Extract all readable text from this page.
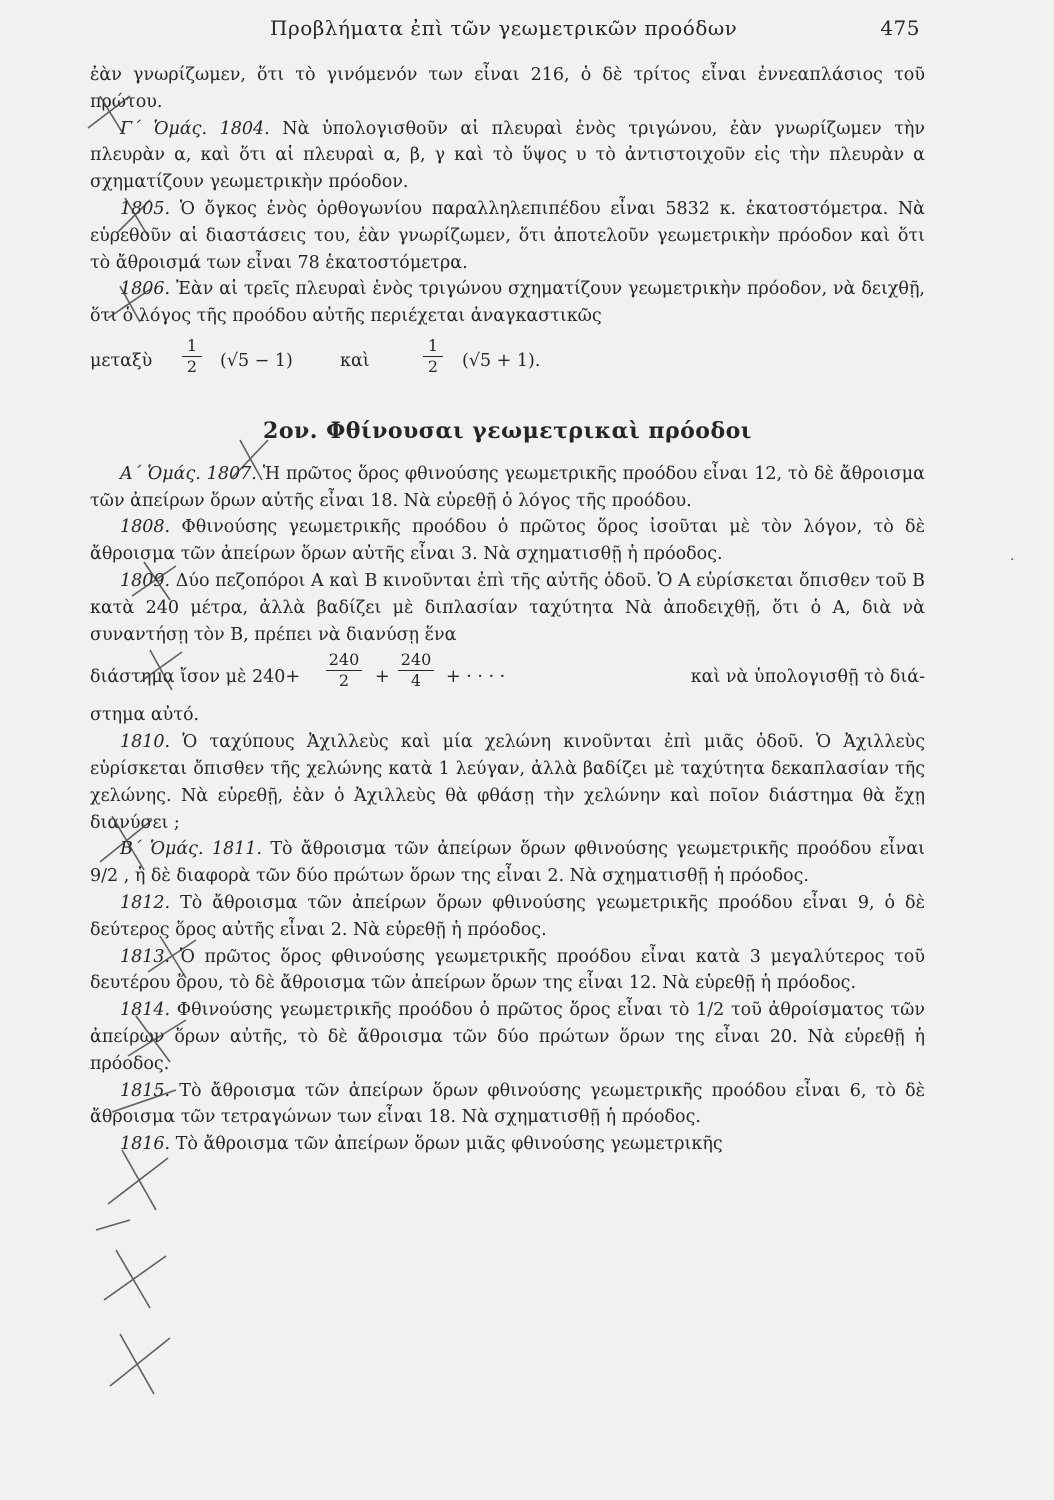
Προβλήματα ἐπὶ τῶν γεωμετρικῶν προόδων	475

ἐὰν γνωρίζωμεν, ὅτι τὸ γινόμενόν των εἶναι 216, ὁ δὲ τρίτος εἶναι ἐννεαπλάσιος τοῦ πρώτου.

Γ΄ Ὁμάς. 1804. Νὰ ὑπολογισθοῦν αἱ πλευραὶ ἑνὸς τριγώνου, ἐὰν γνωρίζωμεν τὴν πλευρὰν α, καὶ ὅτι αἱ πλευραὶ α, β, γ καὶ τὸ ὕψος υ τὸ ἀντιστοιχοῦν εἰς τὴν πλευρὰν α σχηματίζουν γεωμετρικὴν πρόοδον.

1805. Ὁ ὄγκος ἑνὸς ὀρθογωνίου παραλληλεπιπέδου εἶναι 5832 κ. ἑκατοστόμετρα. Νὰ εὑρεθοῦν αἱ διαστάσεις του, ἐὰν γνωρίζωμεν, ὅτι ἀποτελοῦν γεωμετρικὴν πρόοδον καὶ ὅτι τὸ ἄθροισμά των εἶναι 78 ἑκατοστόμετρα.

1806. Ἐὰν αἱ τρεῖς πλευραὶ ἑνὸς τριγώνου σχηματίζουν γεωμετρικὴν πρόοδον, νὰ δειχθῇ, ὅτι ὁ λόγος τῆς προόδου αὐτῆς περιέχεται ἀναγκαστικῶς

μεταξὺ
1
2 (√5 − 1)	καὶ
1
2 (√5 + 1).
2ον. Φθίνουσαι γεωμετρικαὶ πρόοδοι

Α΄ Ὁμάς. 1807. Ἡ πρῶτος ὅρος φθινούσης γεωμετρικῆς προόδου εἶναι 12, τὸ δὲ ἄθροισμα τῶν ἀπείρων ὅρων αὐτῆς εἶναι 18. Νὰ εὑρεθῇ ὁ λόγος τῆς προόδου.

1808. Φθινούσης γεωμετρικῆς προόδου ὁ πρῶτος ὅρος ἰσοῦται μὲ τὸν λόγον, τὸ δὲ ἄθροισμα τῶν ἀπείρων ὅρων αὐτῆς εἶναι 3. Νὰ σχηματισθῇ ἡ πρόοδος.

1809. Δύο πεζοπόροι Α καὶ Β κινοῦνται ἐπὶ τῆς αὐτῆς ὁδοῦ. Ὁ Α εὑρίσκεται ὄπισθεν τοῦ Β κατὰ 240 μέτρα, ἀλλὰ βαδίζει μὲ διπλασίαν ταχύτητα Νὰ ἀποδειχθῇ, ὅτι ὁ Α, διὰ νὰ συναντήσῃ τὸν Β, πρέπει νὰ διανύσῃ ἕνα

διάστημα ἴσον μὲ 240+
240
2	+
240
4	+ · · · ·	καὶ νὰ ὑπολογισθῇ τὸ διά-

στημα αὐτό.

1810. Ὁ ταχύπους Ἀχιλλεὺς καὶ μία χελώνη κινοῦνται ἐπὶ μιᾶς ὁδοῦ. Ὁ Ἀχιλλεὺς εὑρίσκεται ὄπισθεν τῆς χελώνης κατὰ 1 λεύγαν, ἀλλὰ βαδίζει μὲ ταχύτητα δεκαπλασίαν τῆς χελώνης. Νὰ εὑρεθῇ, ἐὰν ὁ Ἀχιλλεὺς θὰ φθάσῃ τὴν χελώνην καὶ ποῖον διάστημα θὰ ἔχῃ διανύσει ;

Β΄ Ὁμάς. 1811. Τὸ ἄθροισμα τῶν ἀπείρων ὅρων φθινούσης γεωμετρικῆς προόδου εἶναι 9/2 , ἡ δὲ διαφορὰ τῶν δύο πρώτων ὅρων της εἶναι 2. Νὰ σχηματισθῇ ἡ πρόοδος.

1812. Τὸ ἄθροισμα τῶν ἀπείρων ὅρων φθινούσης γεωμετρικῆς προόδου εἶναι 9, ὁ δὲ δεύτερος ὅρος αὐτῆς εἶναι 2. Νὰ εὑρεθῇ ἡ πρόοδος.

1813. Ὁ πρῶτος ὅρος φθινούσης γεωμετρικῆς προόδου εἶναι κατὰ 3 μεγαλύτερος τοῦ δευτέρου ὅρου, τὸ δὲ ἄθροισμα τῶν ἀπείρων ὅρων της εἶναι 12. Νὰ εὑρεθῇ ἡ πρόοδος.

1814. Φθινούσης γεωμετρικῆς προόδου ὁ πρῶτος ὅρος εἶναι τὸ 1/2 τοῦ ἀθροίσματος τῶν ἀπείρων ὅρων αὐτῆς, τὸ δὲ ἄθροισμα τῶν δύο πρώτων ὅρων της εἶναι 20. Νὰ εὑρεθῇ ἡ πρόοδος.

1815. Τὸ ἄθροισμα τῶν ἀπείρων ὅρων φθινούσης γεωμετρικῆς προόδου εἶναι 6, τὸ δὲ ἄθροισμα τῶν τετραγώνων των εἶναι 18. Νὰ σχηματισθῇ ἡ πρόοδος.

1816. Τὸ ἄθροισμα τῶν ἀπείρων ὅρων μιᾶς φθινούσης γεωμετρικῆς

·
